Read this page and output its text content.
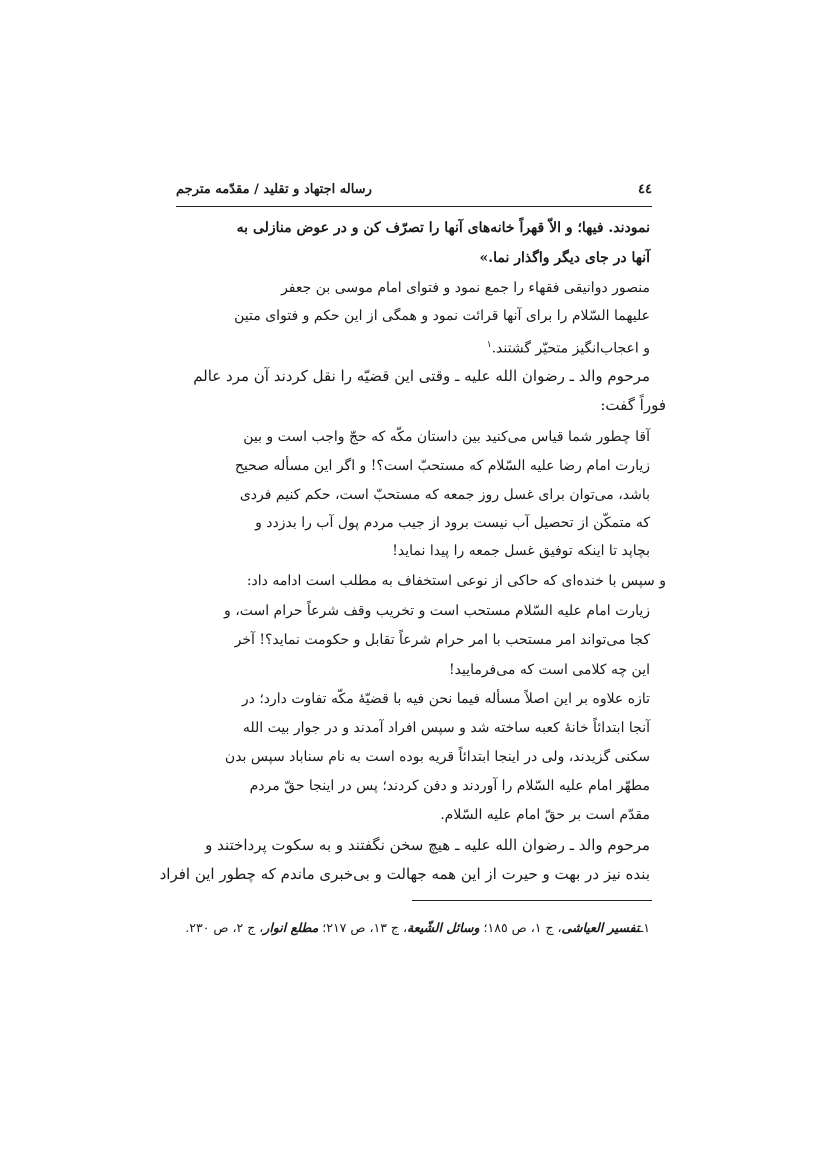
٤٤
رساله اجتهاد و تقلید / مقدّمه مترجم
نمودند. فیها؛ و الاّ قهراً خانه‌های آنها را تصرّف کن و در عوض منازلی به
آنها در جای دیگر واگذار نما.»
منصور دوانیقی فقهاء را جمع نمود و فتوای امام موسی بن جعفر
علیهما السّلام را برای آنها قرائت نمود و همگی از این حکم و فتوای متین
و اعجاب‌انگیز متحیّر گشتند.$^١$
مرحوم والد ـ رضوان الله علیه ـ وقتی این قضیّه را نقل کردند آن مرد عالم
فوراً گفت:
آقا چطور شما قیاس می‌کنید بین داستان مکّه که حجّ واجب است و بین
زیارت امام رضا علیه السّلام که مستحبّ است؟! و اگر این مسأله صحیح
باشد، می‌توان برای غسل روز جمعه که مستحبّ است، حکم کنیم فردی
که متمکّن از تحصیل آب نیست برود از جیب مردم پول آب را بدزدد و
بچاپد تا اینکه توفیق غسل جمعه را پیدا نماید!
و سپس با خنده‌ای که حاکی از نوعی استخفاف به مطلب است ادامه داد:
زیارت امام علیه السّلام مستحب است و تخریب وقف شرعاً حرام است، و
کجا می‌تواند امر مستحب با امر حرام شرعاً تقابل و حکومت نماید؟! آخر
این چه کلامی است که می‌فرمایید!
تازه علاوه بر این اصلاً مسأله فیما نحن فیه با قضیّهٔ مکّه تفاوت دارد؛ در
آنجا ابتدائاً خانهٔ کعبه ساخته شد و سپس افراد آمدند و در جوار بیت الله
سکنی گزیدند، ولی در اینجا ابتدائاً قریه بوده است به نام سناباد سپس بدن
مطهّر امام علیه السّلام را آوردند و دفن کردند؛ پس در اینجا حقّ مردم
مقدّم است بر حقّ امام علیه السّلام.
مرحوم والد ـ رضوان الله علیه ـ هیچ سخن نگفتند و به سکوت پرداختند و
بنده نیز در بهت و حیرت از این همه جهالت و بی‌خبری ماندم که چطور این افراد
١ـتفسیر العیاشی، ج ١، ص ١٨٥؛ وسائل الشّیعة، ج ١٣، ص ٢١٧؛ مطلع انوار، ج ٢، ص ٢٣٠.
